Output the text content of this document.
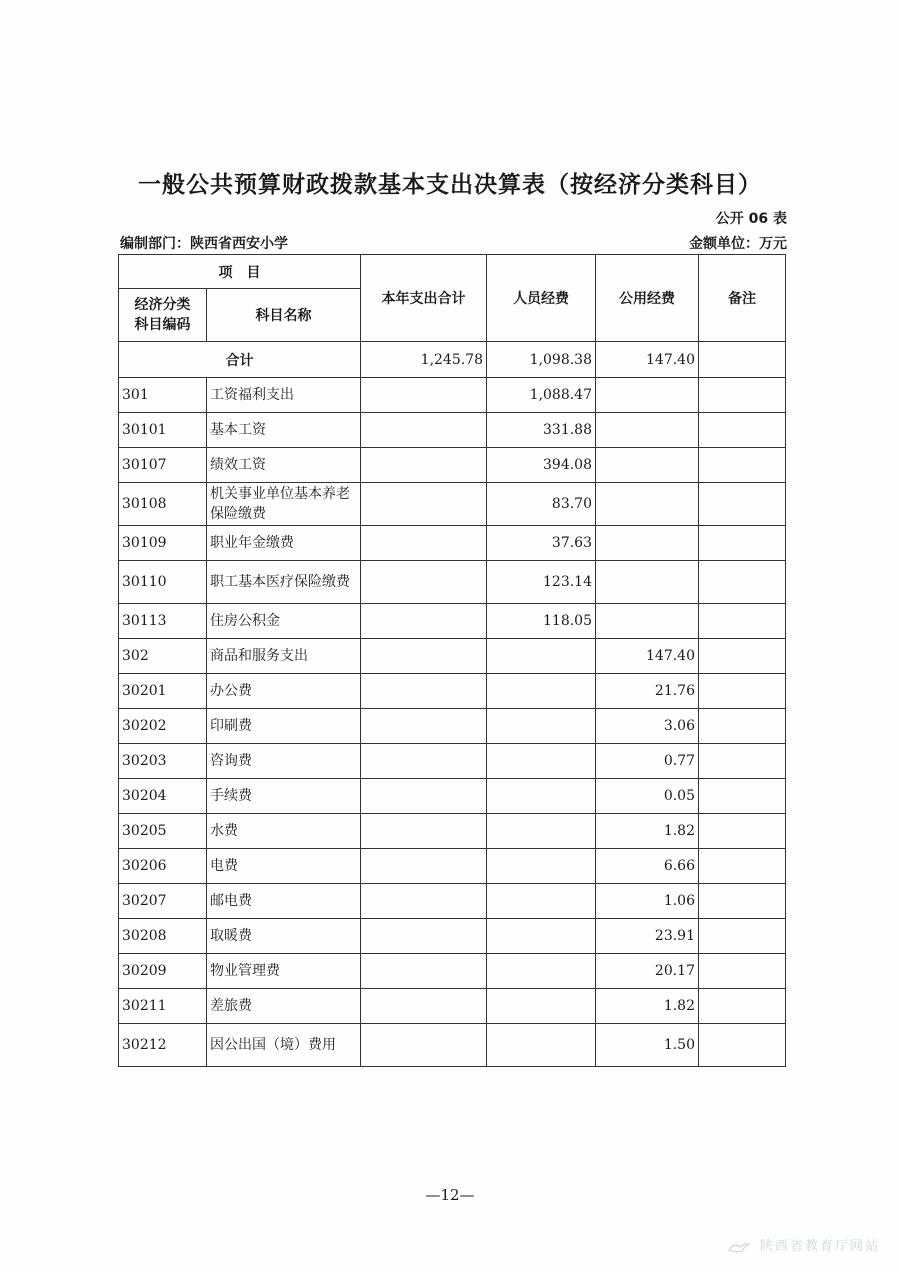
一般公共预算财政拨款基本支出决算表（按经济分类科目）
公开 06 表
编制部门：陕西省西安小学	金额单位：万元
项　目		本年支出合计	人员经费	公用经费	备注

经济分类
科目编码	科目名称				
合计		1,245.78	1,098.38	147.40	
301	工资福利支出		1,088.47		
30101	基本工资		331.88		
30107	绩效工资		394.08		
30108	机关事业单位基本养老保险缴费		83.70		
30109	职业年金缴费		37.63		
30110	职工基本医疗保险缴费		123.14		
30113	住房公积金		118.05		
302	商品和服务支出			147.40	
30201	办公费			21.76	
30202	印刷费			3.06	
30203	咨询费			0.77	
30204	手续费			0.05	
30205	水费			1.82	
30206	电费			6.66	
30207	邮电费			1.06	
30208	取暖费			23.91	
30209	物业管理费			20.17	
30211	差旅费			1.82	
30212	因公出国（境）费用			1.50	
—12—
陕西省教育厅网站
